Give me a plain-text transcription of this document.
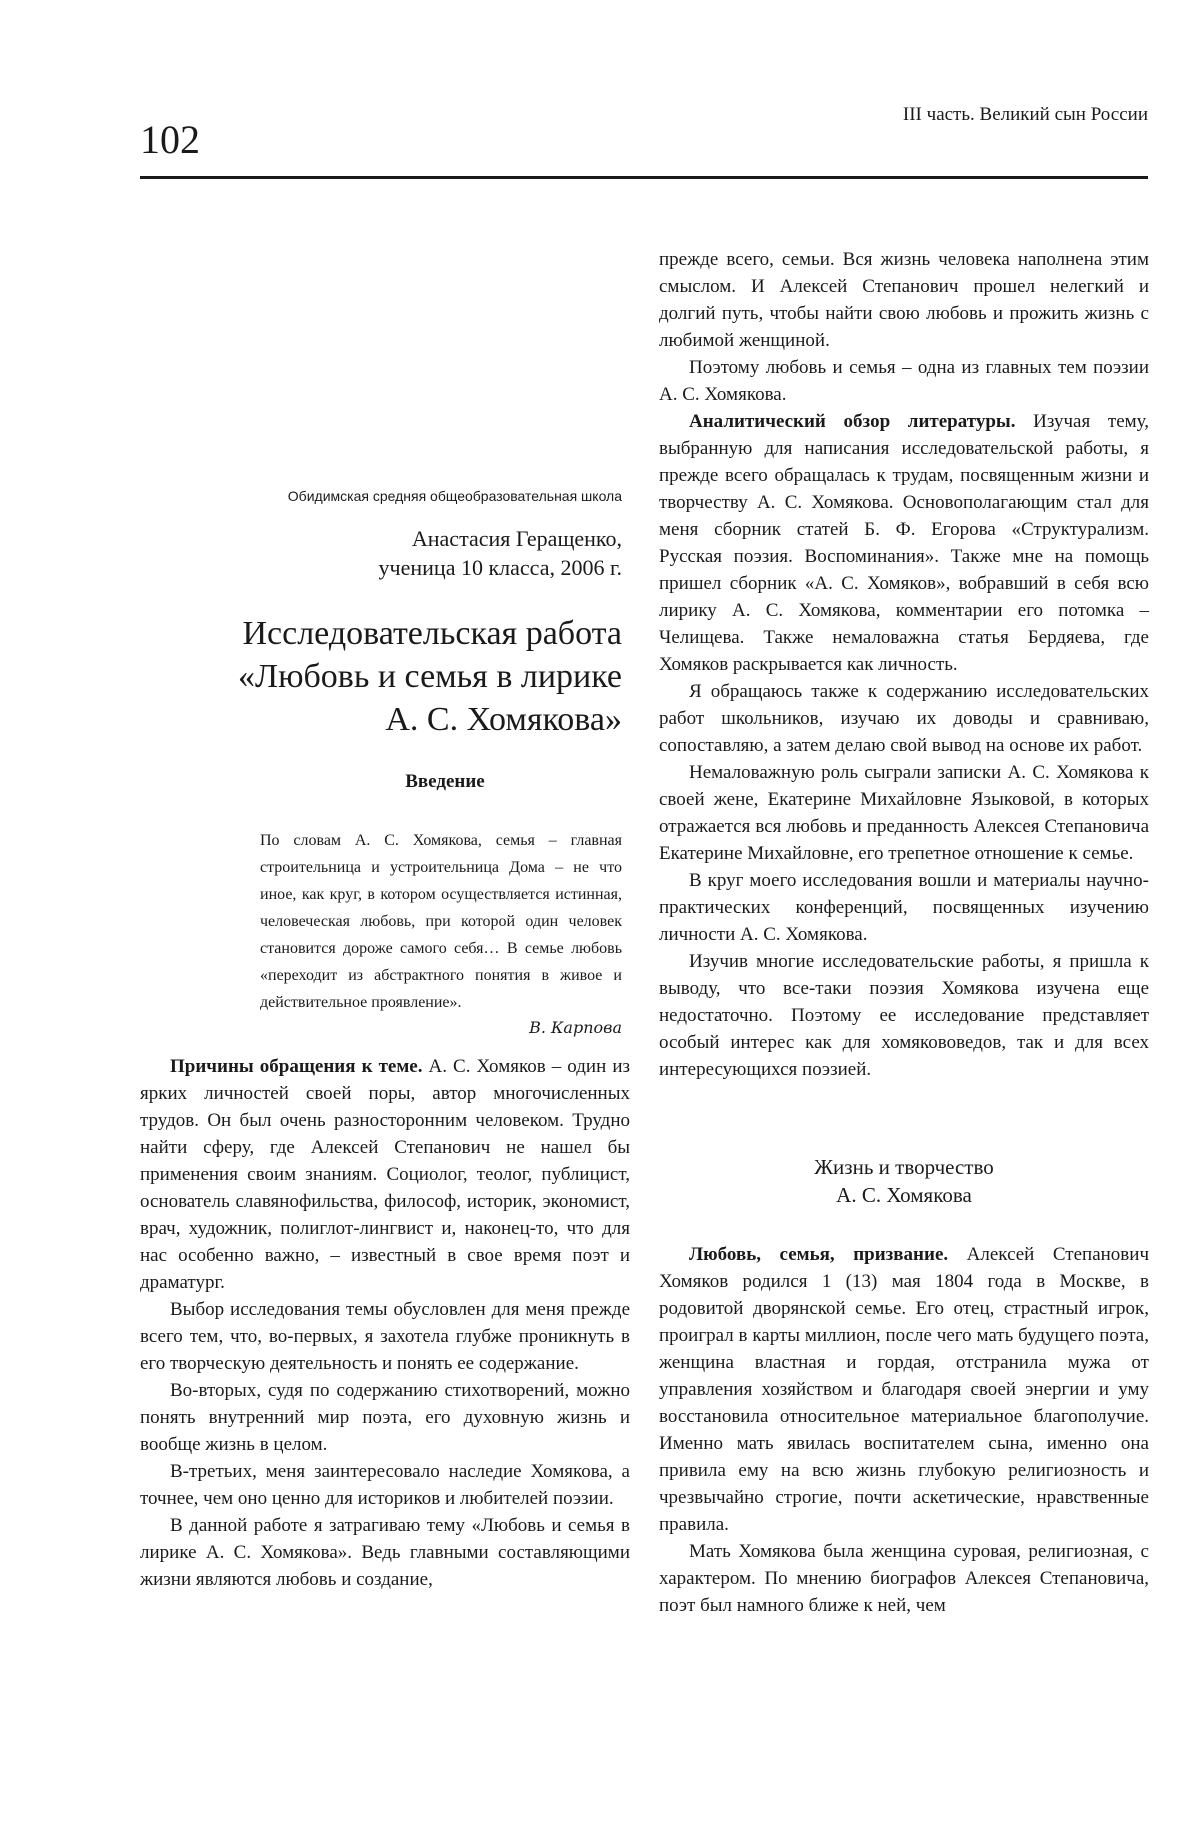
102
III часть. Великий сын России
Обидимская средняя общеобразовательная школа
Анастасия Геращенко,
ученица 10 класса, 2006 г.
Исследовательская работа
«Любовь и семья в лирике
А. С. Хомякова»
Введение
По словам А. С. Хомякова, семья – главная строительница и устроительница Дома – не что иное, как круг, в котором осуществляется истинная, человеческая любовь, при которой один человек становится дороже самого себя… В семье любовь «переходит из абстрактного понятия в живое и действительное проявление».
В. Карпова

Причины обращения к теме. А. С. Хомяков – один из ярких личностей своей поры, автор многочисленных трудов. Он был очень разносторонним человеком. Трудно найти сферу, где Алексей Степанович не нашел бы применения своим знаниям. Социолог, теолог, публицист, основатель славянофильства, философ, историк, экономист, врач, художник, полиглот-лингвист и, наконец-то, что для нас особенно важно, – известный в свое время поэт и драматург.

Выбор исследования темы обусловлен для меня прежде всего тем, что, во-первых, я захотела глубже проникнуть в его творческую деятельность и понять ее содержание.

Во-вторых, судя по содержанию стихотворений, можно понять внутренний мир поэта, его духовную жизнь и вообще жизнь в целом.

В-третьих, меня заинтересовало наследие Хомякова, а точнее, чем оно ценно для историков и любителей поэзии.

В данной работе я затрагиваю тему «Любовь и семья в лирике А. С. Хомякова». Ведь главными составляющими жизни являются любовь и создание,

прежде всего, семьи. Вся жизнь человека наполнена этим смыслом. И Алексей Степанович прошел нелегкий и долгий путь, чтобы найти свою любовь и прожить жизнь с любимой женщиной.

Поэтому любовь и семья – одна из главных тем поэзии А. С. Хомякова.

Аналитический обзор литературы. Изучая тему, выбранную для написания исследовательской работы, я прежде всего обращалась к трудам, посвященным жизни и творчеству А. С. Хомякова. Основополагающим стал для меня сборник статей Б. Ф. Егорова «Структурализм. Русская поэзия. Воспоминания». Также мне на помощь пришел сборник «А. С. Хомяков», вобравший в себя всю лирику А. С. Хомякова, комментарии его потомка – Челищева. Также немаловажна статья Бердяева, где Хомяков раскрывается как личность.

Я обращаюсь также к содержанию исследовательских работ школьников, изучаю их доводы и сравниваю, сопоставляю, а затем делаю свой вывод на основе их работ.

Немаловажную роль сыграли записки А. С. Хомякова к своей жене, Екатерине Михайловне Языковой, в которых отражается вся любовь и преданность Алексея Степановича Екатерине Михайловне, его трепетное отношение к семье.

В круг моего исследования вошли и материалы научно-практических конференций, посвященных изучению личности А. С. Хомякова.

Изучив многие исследовательские работы, я пришла к выводу, что все-таки поэзия Хомякова изучена еще недостаточно. Поэтому ее исследование представляет особый интерес как для хомякововедов, так и для всех интересующихся поэзией.

Жизнь и творчество
А. С. Хомякова

Любовь, семья, призвание. Алексей Степанович Хомяков родился 1 (13) мая 1804 года в Москве, в родовитой дворянской семье. Его отец, страстный игрок, проиграл в карты миллион, после чего мать будущего поэта, женщина властная и гордая, отстранила мужа от управления хозяйством и благодаря своей энергии и уму восстановила относительное материальное благополучие. Именно мать явилась воспитателем сына, именно она привила ему на всю жизнь глубокую религиозность и чрезвычайно строгие, почти аскетические, нравственные правила.

Мать Хомякова была женщина суровая, религиозная, с характером. По мнению биографов Алексея Степановича, поэт был намного ближе к ней, чем
